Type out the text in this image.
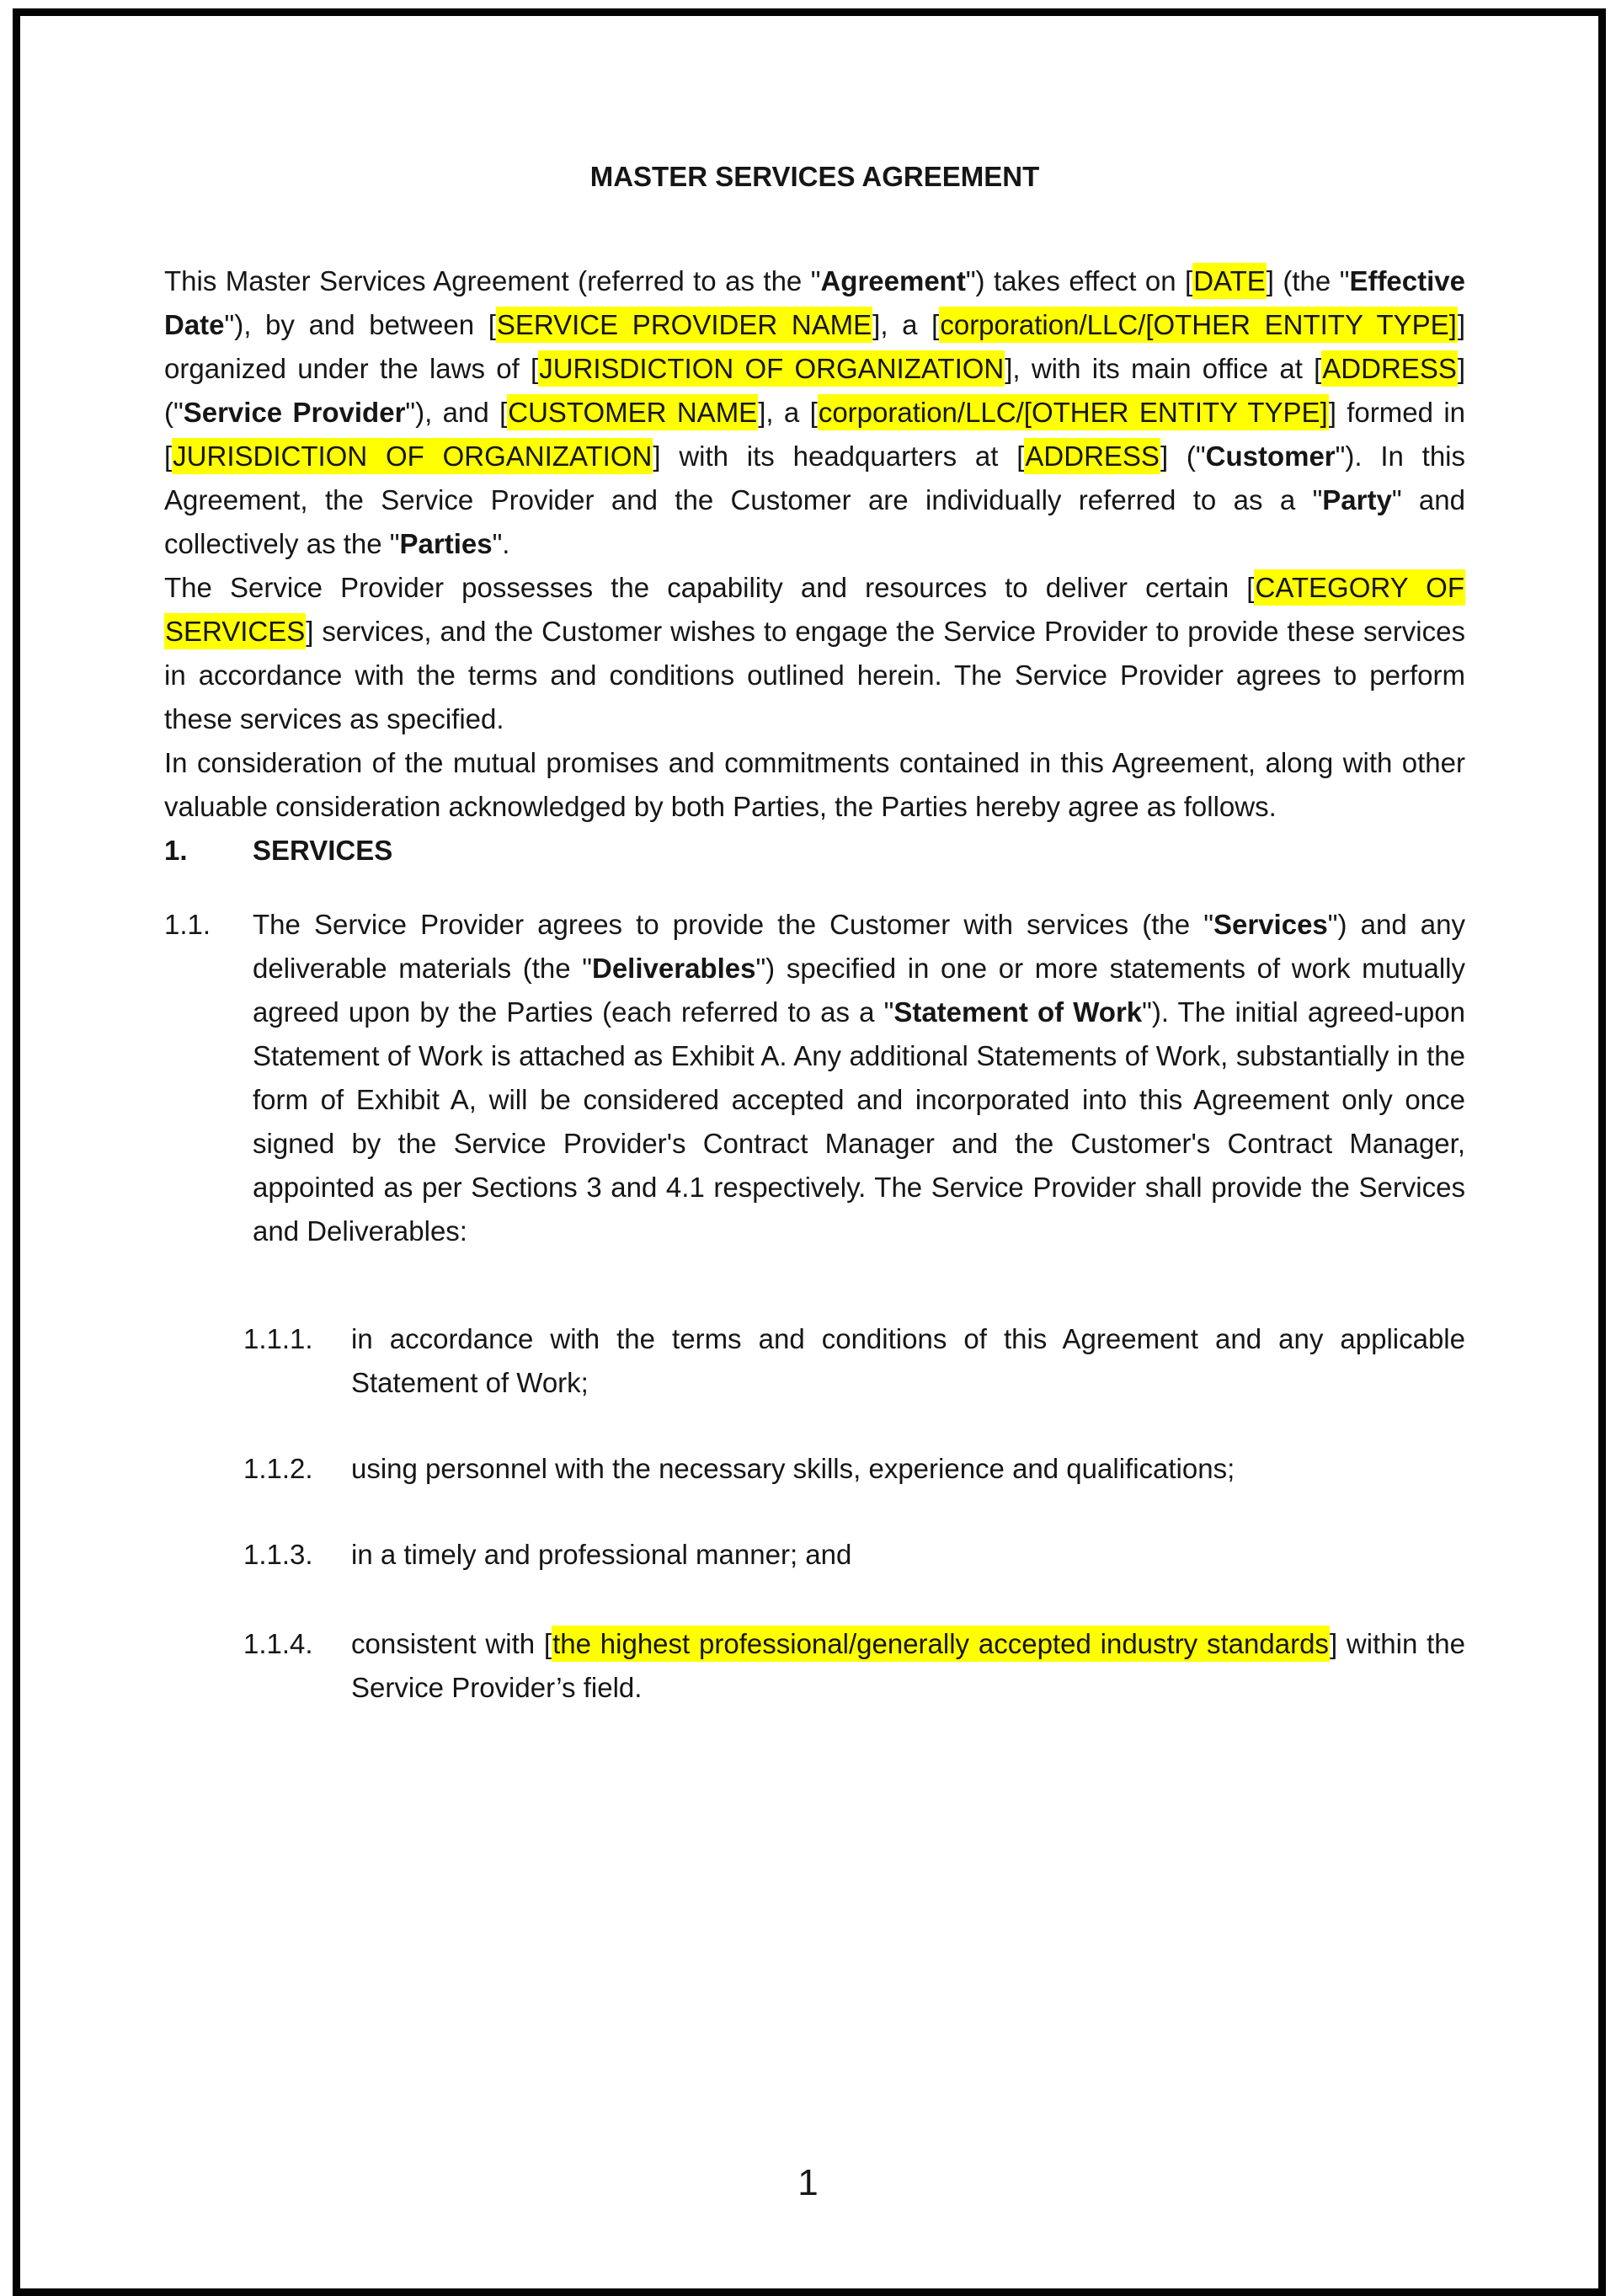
MASTER SERVICES AGREEMENT

This Master Services Agreement (referred to as the "Agreement") takes effect on [DATE] (the "Effective Date"), by and between [SERVICE PROVIDER NAME], a [corporation/LLC/[OTHER ENTITY TYPE]] organized under the laws of [JURISDICTION OF ORGANIZATION], with its main office at [ADDRESS] ("Service Provider"), and [CUSTOMER NAME], a [corporation/LLC/[OTHER ENTITY TYPE]] formed in [JURISDICTION OF ORGANIZATION] with its headquarters at [ADDRESS] ("Customer"). In this Agreement, the Service Provider and the Customer are individually referred to as a "Party" and collectively as the "Parties".

The Service Provider possesses the capability and resources to deliver certain [CATEGORY OF SERVICES] services, and the Customer wishes to engage the Service Provider to provide these services in accordance with the terms and conditions outlined herein. The Service Provider agrees to perform these services as specified.

In consideration of the mutual promises and commitments contained in this Agreement, along with other valuable consideration acknowledged by both Parties, the Parties hereby agree as follows.

1.	SERVICES
1.1.	The Service Provider agrees to provide the Customer with services (the "Services") and any deliverable materials (the "Deliverables") specified in one or more statements of work mutually agreed upon by the Parties (each referred to as a "Statement of Work"). The initial agreed-upon Statement of Work is attached as Exhibit A. Any additional Statements of Work, substantially in the form of Exhibit A, will be considered accepted and incorporated into this Agreement only once signed by the Service Provider's Contract Manager and the Customer's Contract Manager, appointed as per Sections 3 and 4.1 respectively. The Service Provider shall provide the Services and Deliverables:
1.1.1.	in accordance with the terms and conditions of this Agreement and any applicable Statement of Work;
1.1.2.	using personnel with the necessary skills, experience and qualifications;
1.1.3.	in a timely and professional manner; and
1.1.4.	consistent with [the highest professional/generally accepted industry standards] within the Service Provider’s field.
1
